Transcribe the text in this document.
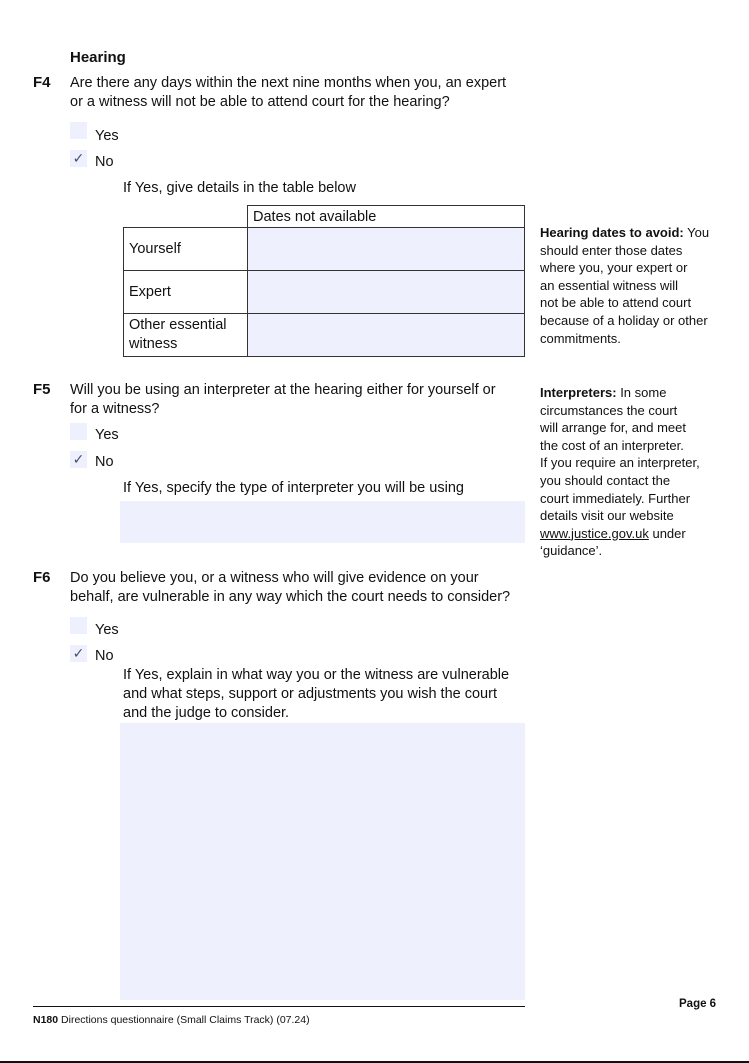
Hearing
F4 Are there any days within the next nine months when you, an expert
or a witness will not be able to attend court for the hearing?
Yes
✓ No
If Yes, give details in the table below
	Dates not available
Yourself	
Expert	
Other essential witness	
Hearing dates to avoid: You
should enter those dates
where you, your expert or
an essential witness will
not be able to attend court
because of a holiday or other
commitments.
F5 Will you be using an interpreter at the hearing either for yourself or
for a witness?
Yes
✓ No
If Yes, specify the type of interpreter you will be using
Interpreters: In some
circumstances the court
will arrange for, and meet
the cost of an interpreter.
If you require an interpreter,
you should contact the
court immediately. Further
details visit our website
www.justice.gov.uk under
‘guidance’.
F6 Do you believe you, or a witness who will give evidence on your
behalf, are vulnerable in any way which the court needs to consider?
Yes
✓ No
If Yes, explain in what way you or the witness are vulnerable
and what steps, support or adjustments you wish the court
and the judge to consider.
N180 Directions questionnaire (Small Claims Track) (07.24)
Page 6
